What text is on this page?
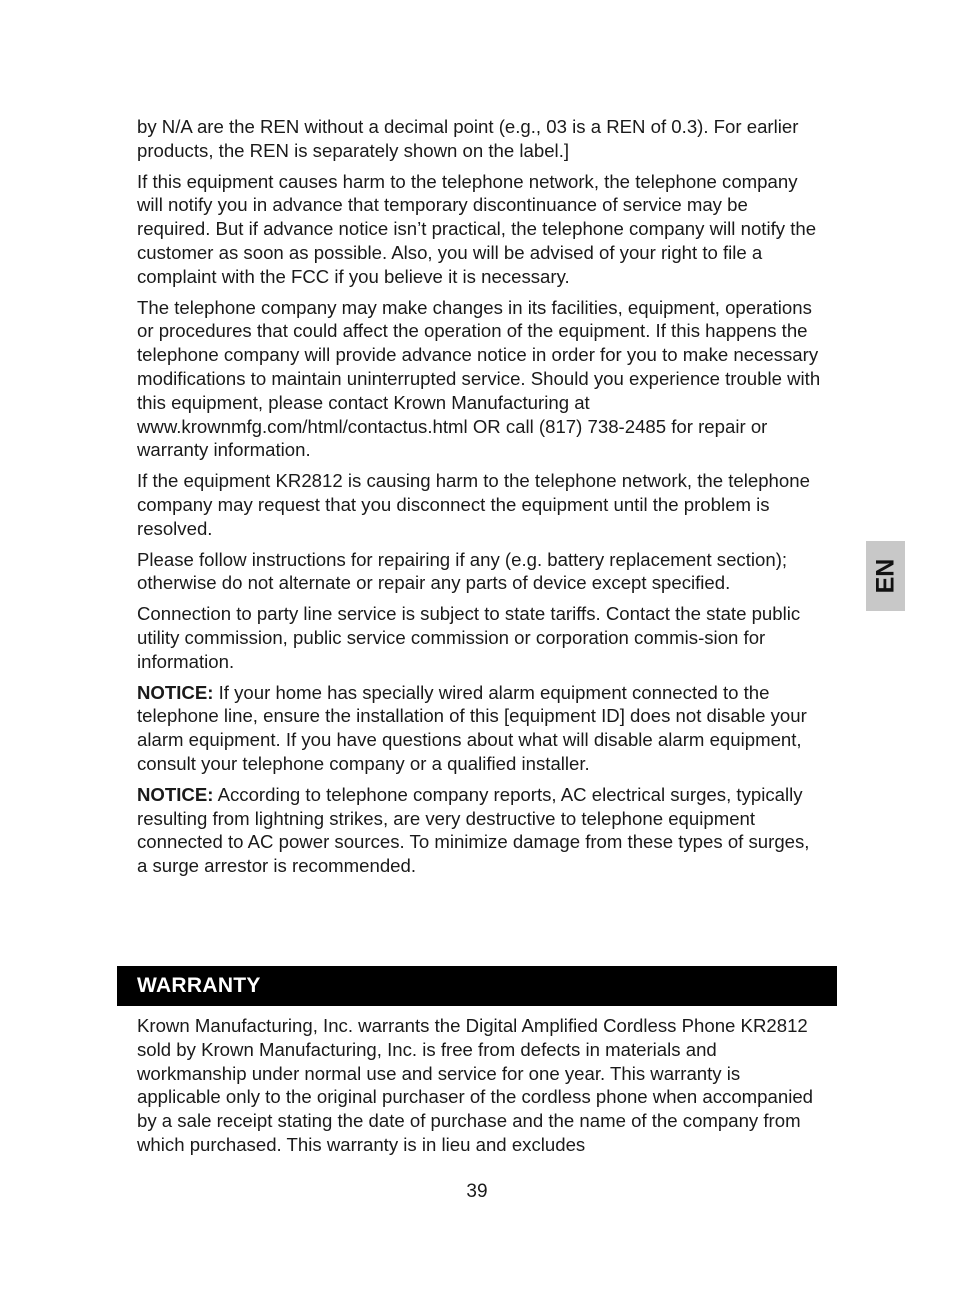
by N/A are the REN without a decimal point (e.g., 03 is a REN of 0.3). For earlier products, the REN is separately shown on the label.]

If this equipment causes harm to the telephone network, the telephone company will notify you in advance that temporary discontinuance of service may be required. But if advance notice isn’t practical, the telephone company will notify the customer as soon as possible. Also, you will be advised of your right to file a complaint with the FCC if you believe it is necessary.

The telephone company may make changes in its facilities, equipment, operations or procedures that could affect the operation of the equipment. If this happens the telephone company will provide advance notice in order for you to make necessary modifications to maintain uninterrupted service. Should you experience trouble with this equipment, please contact Krown Manufacturing at www.krownmfg.com/html/contactus.html OR call (817) 738-2485 for repair or warranty information.

If the equipment KR2812 is causing harm to the telephone network, the telephone company may request that you disconnect the equipment until the problem is resolved.

Please follow instructions for repairing if any (e.g. battery replacement section); otherwise do not alternate or repair any parts of device except specified.

Connection to party line service is subject to state tariffs. Contact the state public utility commission, public service commission or corporation commis-sion for information.

NOTICE: If your home has specially wired alarm equipment connected to the telephone line, ensure the installation of this [equipment ID] does not disable your alarm equipment. If you have questions about what will disable alarm equipment, consult your telephone company or a qualified installer.

NOTICE: According to telephone company reports, AC electrical surges, typically resulting from lightning strikes, are very destructive to telephone equipment connected to AC power sources. To minimize damage from these types of surges, a surge arrestor is recommended.

WARRANTY

Krown Manufacturing, Inc. warrants the Digital Amplified Cordless Phone KR2812 sold by Krown Manufacturing, Inc. is free from defects in materials and workmanship under normal use and service for one year. This warranty is applicable only to the original purchaser of the cordless phone when accompanied by a sale receipt stating the date of purchase and the name of the company from which purchased. This warranty is in lieu and excludes

39
EN
